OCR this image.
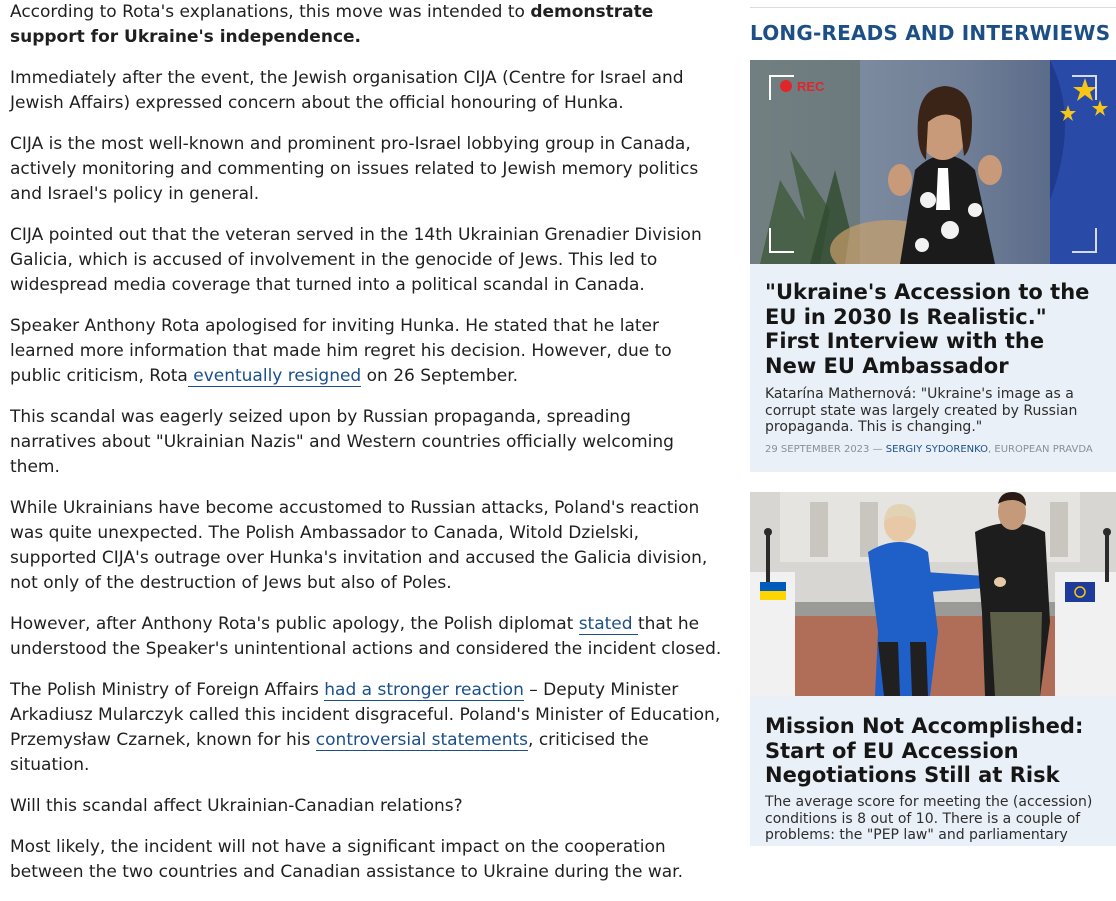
According to Rota's explanations, this move was intended to demonstrate support for Ukraine's independence.

Immediately after the event, the Jewish organisation CIJA (Centre for Israel and Jewish Affairs) expressed concern about the official honouring of Hunka.

CIJA is the most well-known and prominent pro-Israel lobbying group in Canada, actively monitoring and commenting on issues related to Jewish memory politics and Israel's policy in general.

CIJA pointed out that the veteran served in the 14th Ukrainian Grenadier Division Galicia, which is accused of involvement in the genocide of Jews. This led to widespread media coverage that turned into a political scandal in Canada.

Speaker Anthony Rota apologised for inviting Hunka. He stated that he later learned more information that made him regret his decision. However, due to public criticism, Rota eventually resigned on 26 September.

This scandal was eagerly seized upon by Russian propaganda, spreading narratives about "Ukrainian Nazis" and Western countries officially welcoming them.

While Ukrainians have become accustomed to Russian attacks, Poland's reaction was quite unexpected. The Polish Ambassador to Canada, Witold Dzielski, supported CIJA's outrage over Hunka's invitation and accused the Galicia division, not only of the destruction of Jews but also of Poles.

However, after Anthony Rota's public apology, the Polish diplomat stated that he understood the Speaker's unintentional actions and considered the incident closed.

The Polish Ministry of Foreign Affairs had a stronger reaction – Deputy Minister Arkadiusz Mularczyk called this incident disgraceful. Poland's Minister of Education, Przemysław Czarnek, known for his controversial statements, criticised the situation.

Will this scandal affect Ukrainian-Canadian relations?

Most likely, the incident will not have a significant impact on the cooperation between the two countries and Canadian assistance to Ukraine during the war.

LONG-READS AND INTERWIEWS
REC
"Ukraine's Accession to the EU in 2030 Is Realistic." First Interview with the New EU Ambassador

Katarína Mathernová: "Ukraine's image as a corrupt state was largely created by Russian propaganda. This is changing."

29 SEPTEMBER 2023 — SERGIY SYDORENKO, EUROPEAN PRAVDA

Mission Not Accomplished: Start of EU Accession Negotiations Still at Risk

The average score for meeting the (accession) conditions is 8 out of 10. There is a couple of problems: the "PEP law" and parliamentary
